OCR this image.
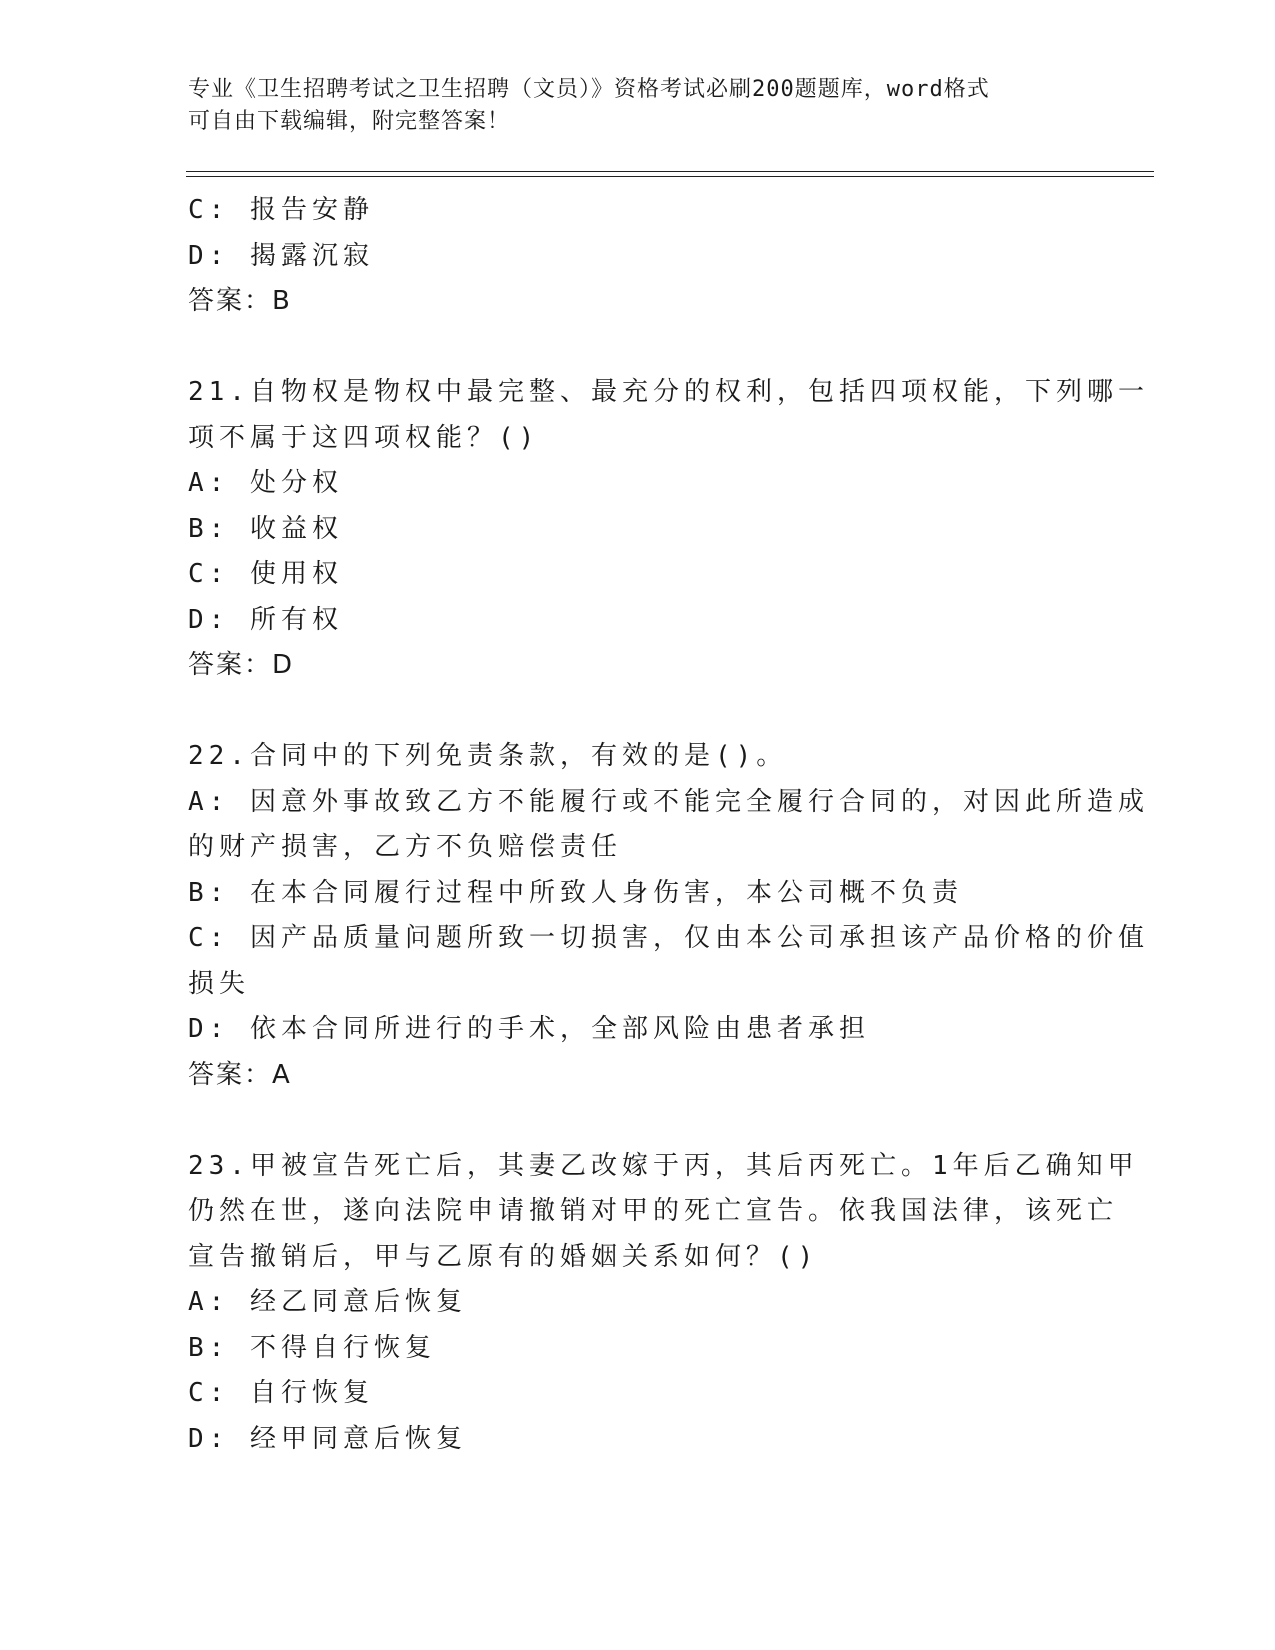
专业《卫生招聘考试之卫生招聘（文员）》资格考试必刷200题题库，word格式
可自由下载编辑，附完整答案！
C: 报告安静
D: 揭露沉寂
答案：B
21.自物权是物权中最完整、最充分的权利，包括四项权能，下列哪一
项不属于这四项权能？()
A: 处分权
B: 收益权
C: 使用权
D: 所有权
答案：D
22.合同中的下列免责条款，有效的是()。
A: 因意外事故致乙方不能履行或不能完全履行合同的，对因此所造成
的财产损害，乙方不负赔偿责任
B: 在本合同履行过程中所致人身伤害，本公司概不负责
C: 因产品质量问题所致一切损害，仅由本公司承担该产品价格的价值
损失
D: 依本合同所进行的手术，全部风险由患者承担
答案：A
23.甲被宣告死亡后，其妻乙改嫁于丙，其后丙死亡。1年后乙确知甲
仍然在世，遂向法院申请撤销对甲的死亡宣告。依我国法律，该死亡
宣告撤销后，甲与乙原有的婚姻关系如何？()
A: 经乙同意后恢复
B: 不得自行恢复
C: 自行恢复
D: 经甲同意后恢复
